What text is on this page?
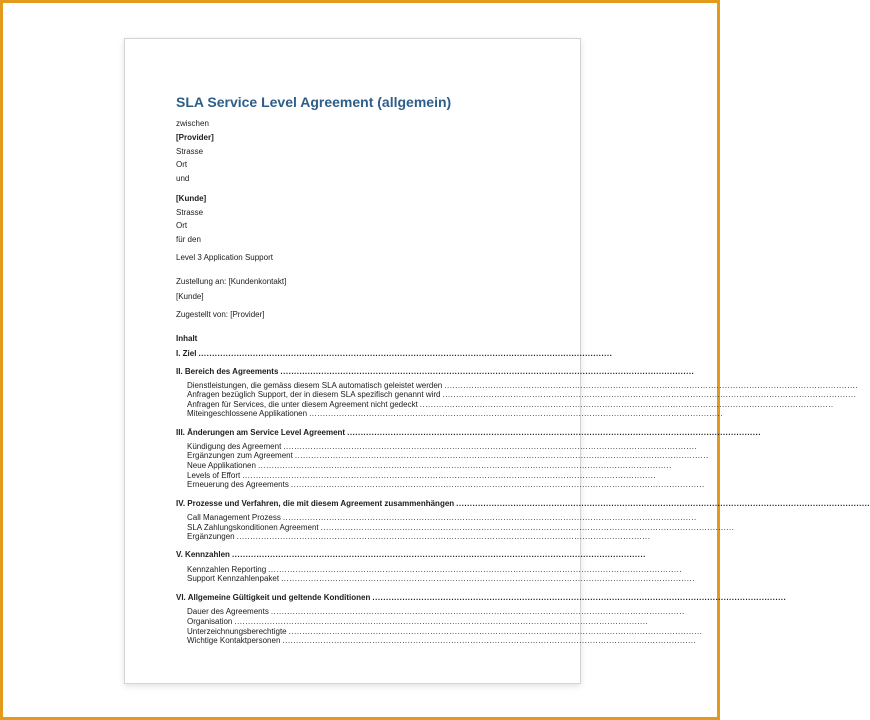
SLA Service Level Agreement (allgemein)

zwischen

[Provider]

Strasse

Ort

und

[Kunde]

Strasse

Ort

für den

Level 3 Application Support

Zustellung an: [Kundenkontakt]

[Kunde]

Zugestellt von: [Provider]

Inhalt

I. Ziel ........................................................................................................................................................
II. Bereich des Agreements ........................................................................................................................................................
Dienstleistungen, die gemäss diesem SLA automatisch geleistet werden ........................................................................................................................................................
Anfragen bezüglich Support, der in diesem SLA spezifisch genannt wird ........................................................................................................................................................
Anfragen für Services, die unter diesem Agreement nicht gedeckt ........................................................................................................................................................
Miteingeschlossene Applikationen ........................................................................................................................................................
III. Änderungen am Service Level Agreement ........................................................................................................................................................
Kündigung des Agreement ........................................................................................................................................................
Ergänzungen zum Agreement ........................................................................................................................................................
Neue Applikationen ........................................................................................................................................................
Levels of Effort ........................................................................................................................................................
Erneuerung des Agreements ........................................................................................................................................................
IV. Prozesse und Verfahren, die mit diesem Agreement zusammenhängen ........................................................................................................................................................
Call Management Prozess ........................................................................................................................................................
SLA Zahlungskonditionen Agreement ........................................................................................................................................................
Ergänzungen ........................................................................................................................................................
V. Kennzahlen ........................................................................................................................................................
Kennzahlen Reporting ........................................................................................................................................................
Support Kennzahlenpaket ........................................................................................................................................................
VI. Allgemeine Gültigkeit und geltende Konditionen ........................................................................................................................................................
Dauer des Agreements ........................................................................................................................................................
Organisation ........................................................................................................................................................
Unterzeichnungsberechtigte ........................................................................................................................................................
Wichtige Kontaktpersonen ........................................................................................................................................................
